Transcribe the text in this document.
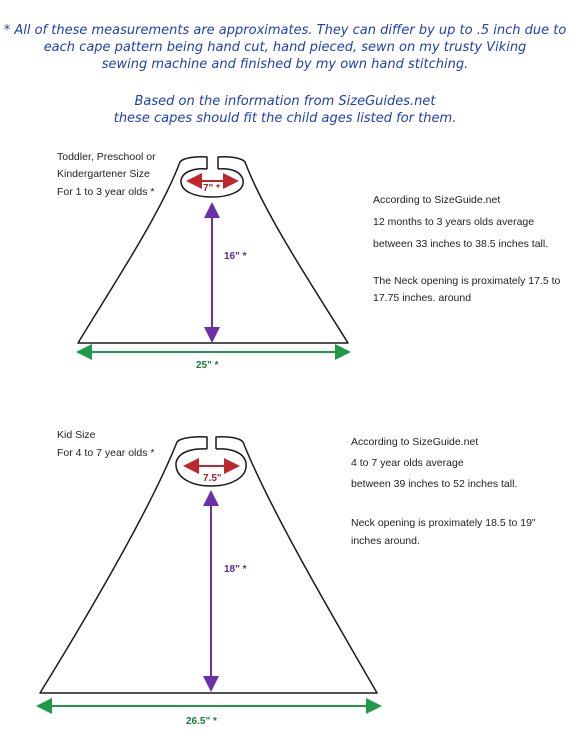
* All of these measurements are approximates. They can differ by up to .5 inch due to

each cape pattern being hand cut, hand pieced, sewn on my trusty Viking

sewing machine and finished by my own hand stitching.

Based on the information from SizeGuides.net

these capes should fit the child ages listed for them.

7" *
16" *
25" *
7.5"
18" *
26.5" *
Toddler, Preschool or
Kindergartener Size
For 1 to 3 year olds *
According to SizeGuide.net
12 months to 3 years olds average
between 33 inches to 38.5 inches tall.
The Neck opening is proximately 17.5 to
17.75 inches. around
Kid Size
For 4 to 7 year olds *
According to SizeGuide.net
4 to 7 year olds average
between 39 inches to 52 inches tall.
Neck opening is proximately 18.5 to 19"
inches around.
